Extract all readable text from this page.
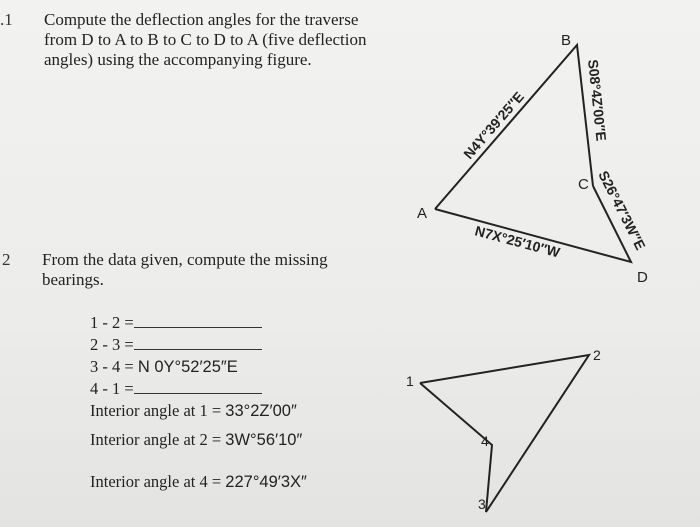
.1 Compute the deflection angles for the traverse
from D to A to B to C to D to A (five deflection
angles) using the accompanying figure.
2 From the data given, compute the missing
bearings.
1 - 2 =
2 - 3 =
3 - 4 = N 0Y°52′25″E
4 - 1 =
Interior angle at 1 = 33°2Z′00″
Interior angle at 2 = 3W°56′10″
Interior angle at 4 = 227°49′3X″
A
B
C
D
N4Y°39′25″E	S08°4Z′00″E
S26°47′3W″E
N7X°25′10″W
1
2
3
4
